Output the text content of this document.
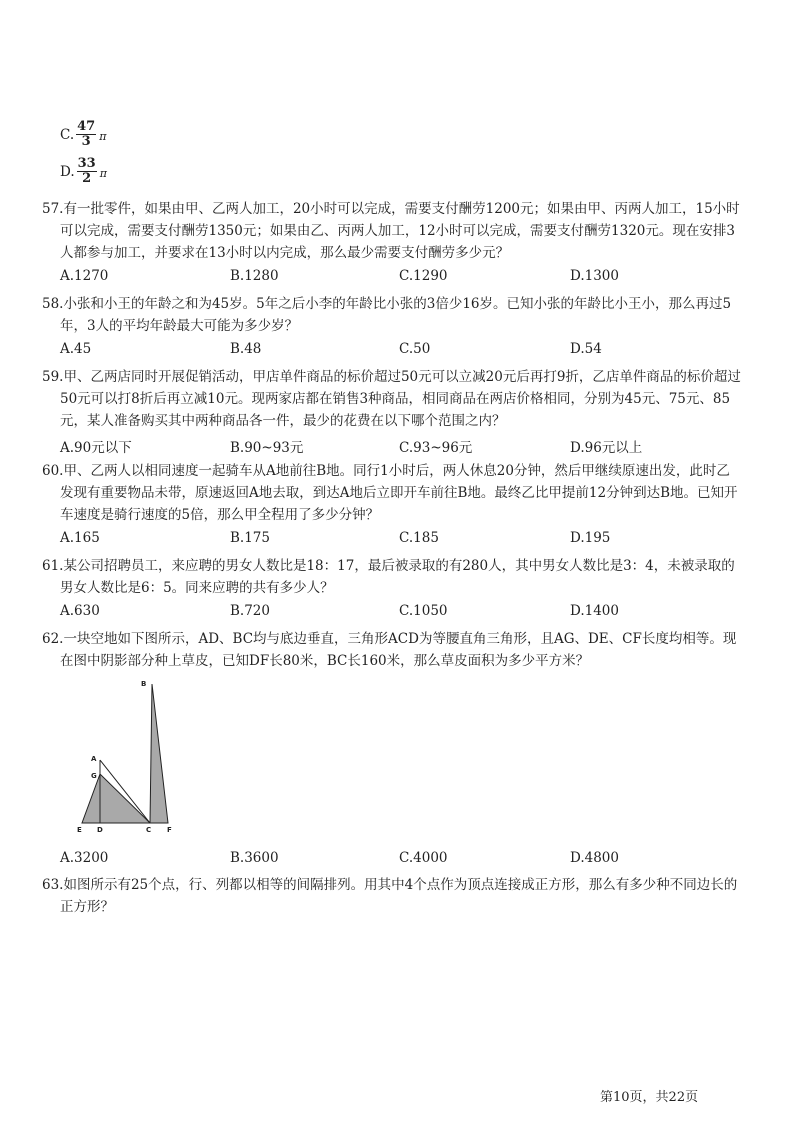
C. $\frac{47}{3}$ π
D. $\frac{33}{2}$ π

57.有一批零件，如果由甲、乙两人加工，20小时可以完成，需要支付酬劳1200元；如果由甲、丙两人加工，15小时可以完成，需要支付酬劳1350元；如果由乙、丙两人加工，12小时可以完成，需要支付酬劳1320元。现在安排3人都参与加工，并要求在13小时以内完成，那么最少需要支付酬劳多少元？

A.1270	B.1280	C.1290	D.1300

58.小张和小王的年龄之和为45岁。5年之后小李的年龄比小张的3倍少16岁。已知小张的年龄比小王小，那么再过5年，3人的平均年龄最大可能为多少岁？

A.45	B.48	C.50	D.54

59.甲、乙两店同时开展促销活动，甲店单件商品的标价超过50元可以立减20元后再打9折，乙店单件商品的标价超过50元可以打8折后再立减10元。现两家店都在销售3种商品，相同商品在两店价格相同，分别为45元、75元、85元，某人准备购买其中两种商品各一件，最少的花费在以下哪个范围之内？

A.90元以下	B.90~93元	C.93~96元	D.96元以上

60.甲、乙两人以相同速度一起骑车从A地前往B地。同行1小时后，两人休息20分钟，然后甲继续原速出发，此时乙发现有重要物品未带，原速返回A地去取，到达A地后立即开车前往B地。最终乙比甲提前12分钟到达B地。已知开车速度是骑行速度的5倍，那么甲全程用了多少分钟？

A.165	B.175	C.185	D.195

61.某公司招聘员工，来应聘的男女人数比是18：17，最后被录取的有280人，其中男女人数比是3：4，未被录取的男女人数比是6：5。同来应聘的共有多少人？

A.630	B.720	C.1050	D.1400

62.一块空地如下图所示，AD、BC均与底边垂直，三角形ACD为等腰直角三角形，且AG、DE、CF长度均相等。现在图中阴影部分种上草皮，已知DF长80米，BC长160米，那么草皮面积为多少平方米？

B
A
G
E D	C F
A.3200	B.3600	C.4000	D.4800

63.如图所示有25个点，行、列都以相等的间隔排列。用其中4个点作为顶点连接成正方形，那么有多少种不同边长的正方形？

第10页，共22页
